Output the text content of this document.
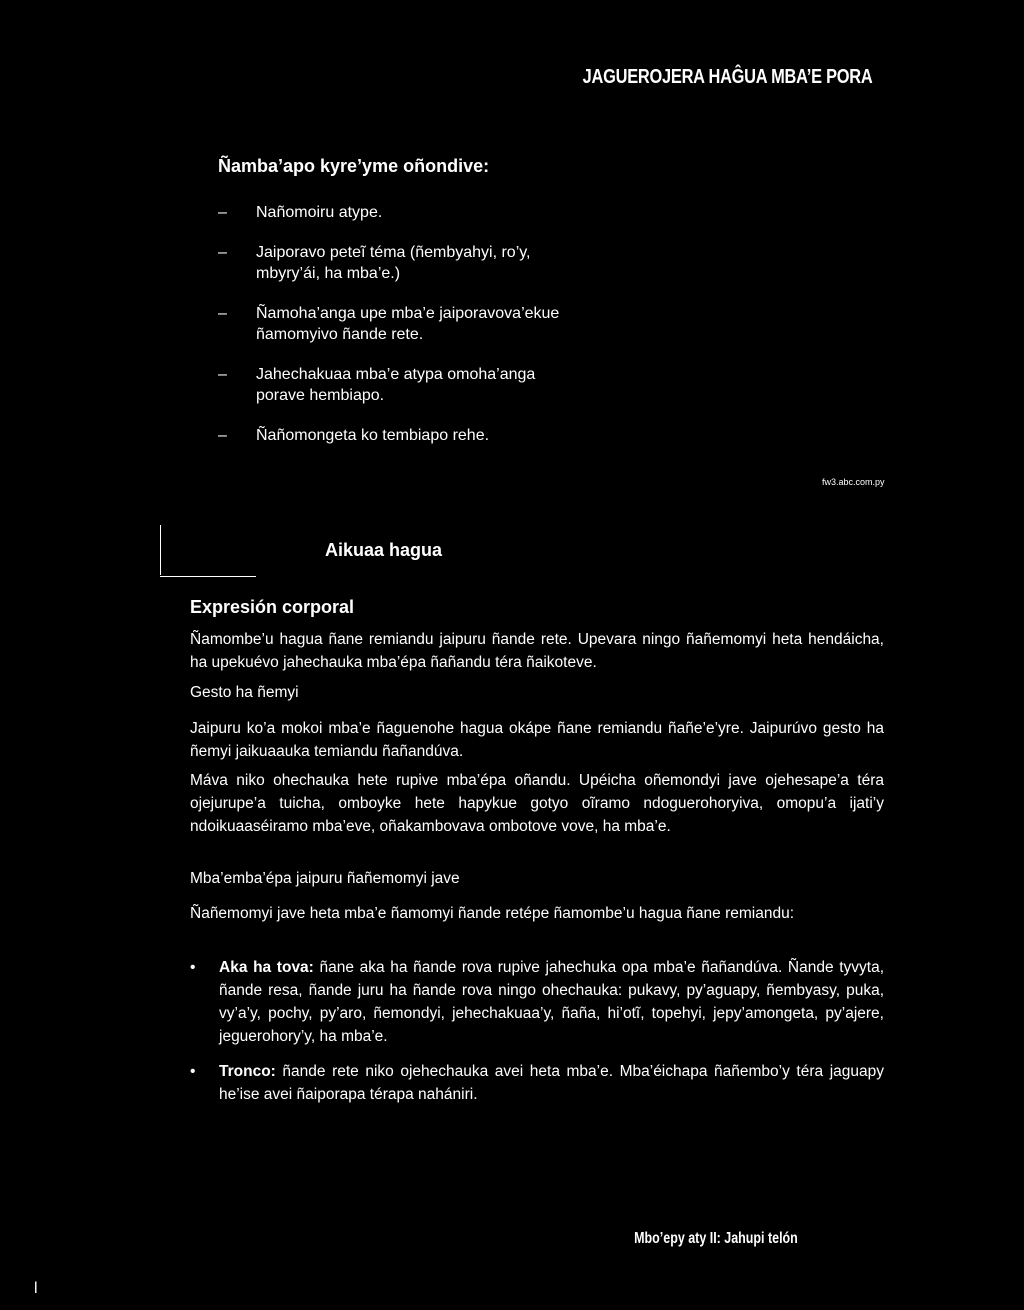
JAGUEROJERA HAĜUA MBA’E PORA
Ñamba’apo kyre’yme oñondive:
–	Nañomoiru atype.
–	Jaiporavo peteĩ téma (ñembyahyi, ro’y, mbyry’ái, ha mba’e.)
–	Ñamoha’anga upe mba’e jaiporavova’ekue ñamomyivo ñande rete.
–	Jahechakuaa mba’e atypa omoha’anga porave hembiapo.
–	Ñañomongeta ko tembiapo rehe.
fw3.abc.com.py
Aikuaa hagua
Expresión corporal

Ñamombe’u hagua ñane remiandu jaipuru ñande rete. Upevara ningo ñañemomyi heta hendáicha, ha upekuévo jahechauka mba’épa ñañandu téra ñaikoteve.

Gesto ha ñemyi

Jaipuru ko’a mokoi mba’e ñaguenohe hagua okápe ñane remiandu ñañe’e’yre. Jaipurúvo gesto ha ñemyi jaikuaauka temiandu ñañandúva.

Máva niko ohechauka hete rupive mba’épa oñandu. Upéicha oñemondyi jave ojehesape’a téra ojejurupe’a tuicha, omboyke hete hapykue gotyo oĩramo ndoguerohoryiva, omopu’a ijati’y ndoikuaaséiramo mba’eve, oñakambovava ombotove vove, ha mba’e.

Mba’emba’épa jaipuru ñañemomyi jave

Ñañemomyi jave heta mba’e ñamomyi ñande retépe ñamombe’u hagua ñane remiandu:

• Aka ha tova: ñane aka ha ñande rova rupive jahechuka opa mba’e ñañandúva. Ñande tyvyta, ñande resa, ñande juru ha ñande rova ningo ohechauka: pukavy, py’aguapy, ñembyasy, puka, vy’a’y, pochy, py’aro, ñemondyi, jehechakuaa’y, ñaña, hi’otĩ, topehyi, jepy’amongeta, py’ajere, jeguerohory’y, ha mba’e.
• Tronco: ñande rete niko ojehechauka avei heta mba’e. Mba’éichapa ñañembo’y téra jaguapy he’ise avei ñaiporapa térapa nahániri.
Mbo’epy aty II: Jahupi telón
l
